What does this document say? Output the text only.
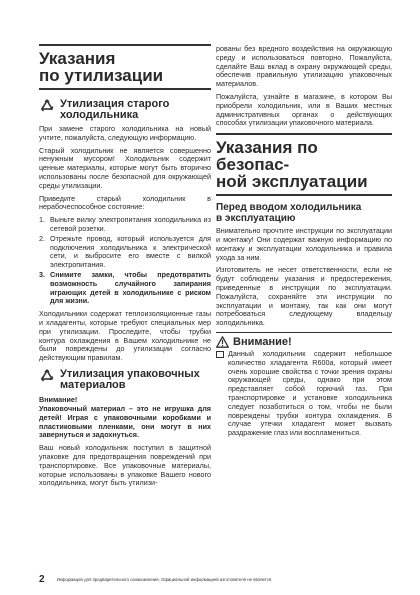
Указания
по утилизации
Утилизация старого
холодильника

При замене старого холодильника на новый учтите, пожалуйста, следующую информацию.

Старый холодильник не является совершенно ненужным мусором! Холодильник содержит ценные материалы, которые могут быть вторично использованы после безопасной для окружающей среды утилизации.

Приведите старый холодильник в нерабочеспособное состояние:

1. Выньте вилку электропитания холодильника из сетевой розетки.
2. Отрежьте провод, который используется для подключения холодильника к электрической сети, и выбросите его вместе с вилкой электропитания.
3. Снимите замки, чтобы предотвратить возможность случайного запирания играющих детей в холодильнике с риском для жизни.

Холодильники содержат теплоизоляционные газы и хладагенты, которые требуют специальных мер при утилизации. Проследите, чтобы трубки контура охлаждения в Вашем холодильнике не были повреждены до утилизации согласно действующим правилам.

Утилизация упаковочных
материалов
Внимание!

Упаковочный материал – это не игрушка для детей! Играя с упаковочными коробками и пластиковыми пленками, они могут в них завернуться и задохнуться.

Ваш новый холодильник поступил в защитной упаковке для предотвращения повреждений при транспортировке. Все упаковочные материалы, которые использованы в упаковке Вашего нового холодильника, могут быть утилизи-

рованы без вредного воздействия на окружающую среду и использоваться повторно. Пожалуйста, сделайте Ваш вклад в охрану окружающей среды, обеспечив правильную утилизацию упаковочных материалов.

Пожалуйста, узнайте в магазине, в котором Вы приобрели холодильник, или в Ваших местных административных органах о действующих способах утилизации упаковочного материала.

Указания по безопас-
ной эксплуатации
Перед вводом холодильника
в эксплуатацию

Внимательно прочтите инструкции по эксплуатации и монтажу! Они содержат важную информацию по монтажу и эксплуатации холодильника и правила ухода за ним.

Изготовитель не несет ответственности, если не будут соблюдены указания и предостережения, приведенные в инструкции по эксплуатации. Пожалуйста, сохраняйте эти инструкции по эксплуатации и монтажу, так как они могут потребоваться следующему владельцу холодильника.

Внимание!

Данный холодильник содержит небольшое количество хладагента R600a, который имеет очень хорошие свойства с точки зрения охраны окружающей среды, однако при этом представляет собой горючий газ. При транспортировке и установке холодильника следует позаботиться о том, чтобы не были повреждены трубки контура охлаждения. В случае утечки хладагент может вызвать раздражение глаз или воспламениться.

2	Информация для предварительного ознакомления. Официальной информацией изготовителя не является.
